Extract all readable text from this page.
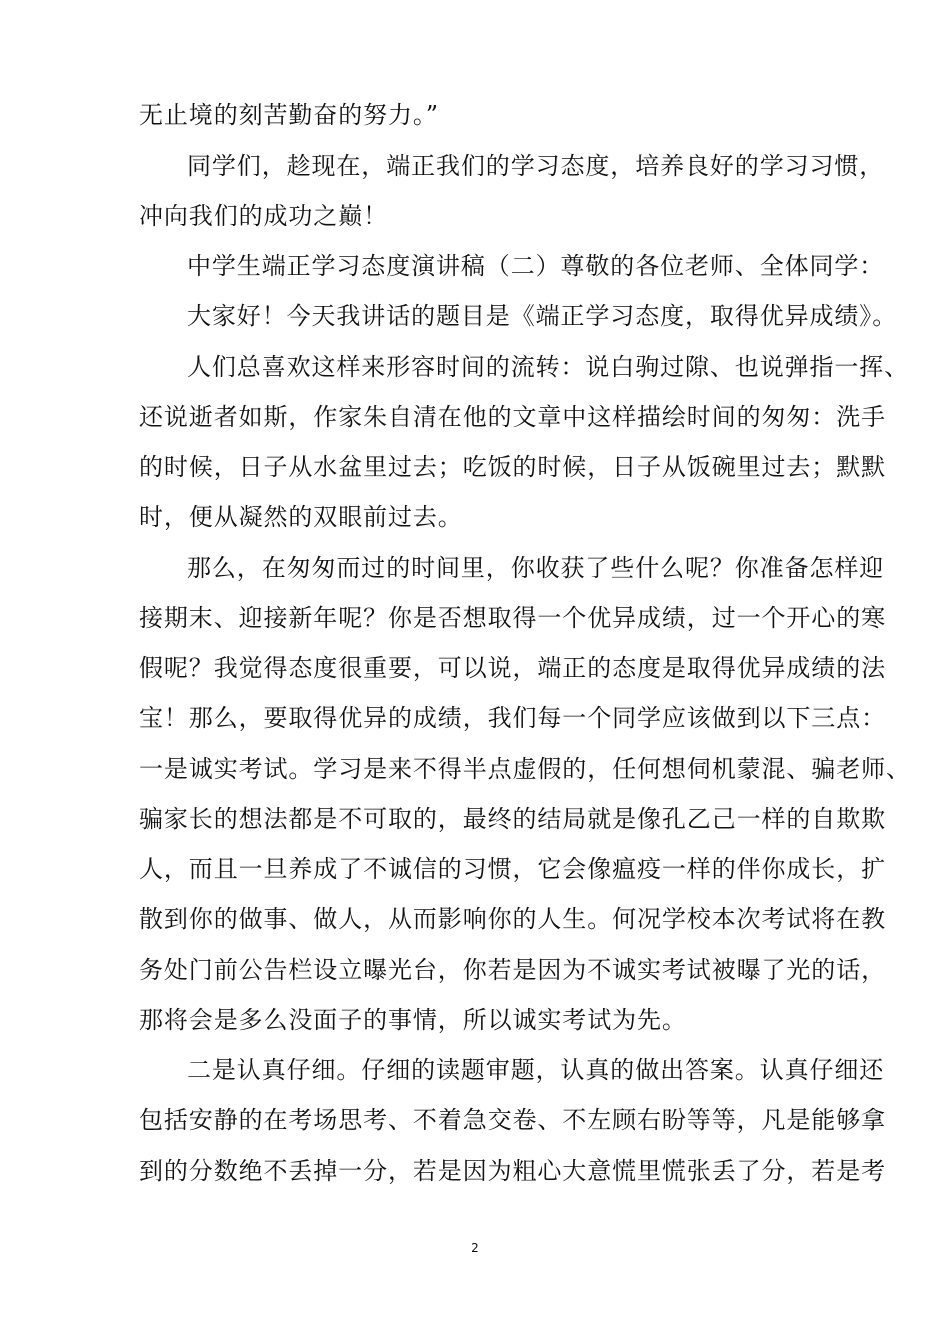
无止境的刻苦勤奋的努力。”
同学们，趁现在，端正我们的学习态度，培养良好的学习习惯，
冲向我们的成功之巅！
中学生端正学习态度演讲稿（二）尊敬的各位老师、全体同学：
大家好！今天我讲话的题目是《端正学习态度，取得优异成绩》。
人们总喜欢这样来形容时间的流转：说白驹过隙、也说弹指一挥、
还说逝者如斯，作家朱自清在他的文章中这样描绘时间的匆匆：洗手
的时候，日子从水盆里过去；吃饭的时候，日子从饭碗里过去；默默
时，便从凝然的双眼前过去。
那么，在匆匆而过的时间里，你收获了些什么呢？你准备怎样迎
接期末、迎接新年呢？你是否想取得一个优异成绩，过一个开心的寒
假呢？我觉得态度很重要，可以说，端正的态度是取得优异成绩的法
宝！那么，要取得优异的成绩，我们每一个同学应该做到以下三点：
一是诚实考试。学习是来不得半点虚假的，任何想伺机蒙混、骗老师、
骗家长的想法都是不可取的，最终的结局就是像孔乙己一样的自欺欺
人，而且一旦养成了不诚信的习惯，它会像瘟疫一样的伴你成长，扩
散到你的做事、做人，从而影响你的人生。何况学校本次考试将在教
务处门前公告栏设立曝光台，你若是因为不诚实考试被曝了光的话，
那将会是多么没面子的事情，所以诚实考试为先。
二是认真仔细。仔细的读题审题，认真的做出答案。认真仔细还
包括安静的在考场思考、不着急交卷、不左顾右盼等等，凡是能够拿
到的分数绝不丢掉一分，若是因为粗心大意慌里慌张丢了分，若是考
2
